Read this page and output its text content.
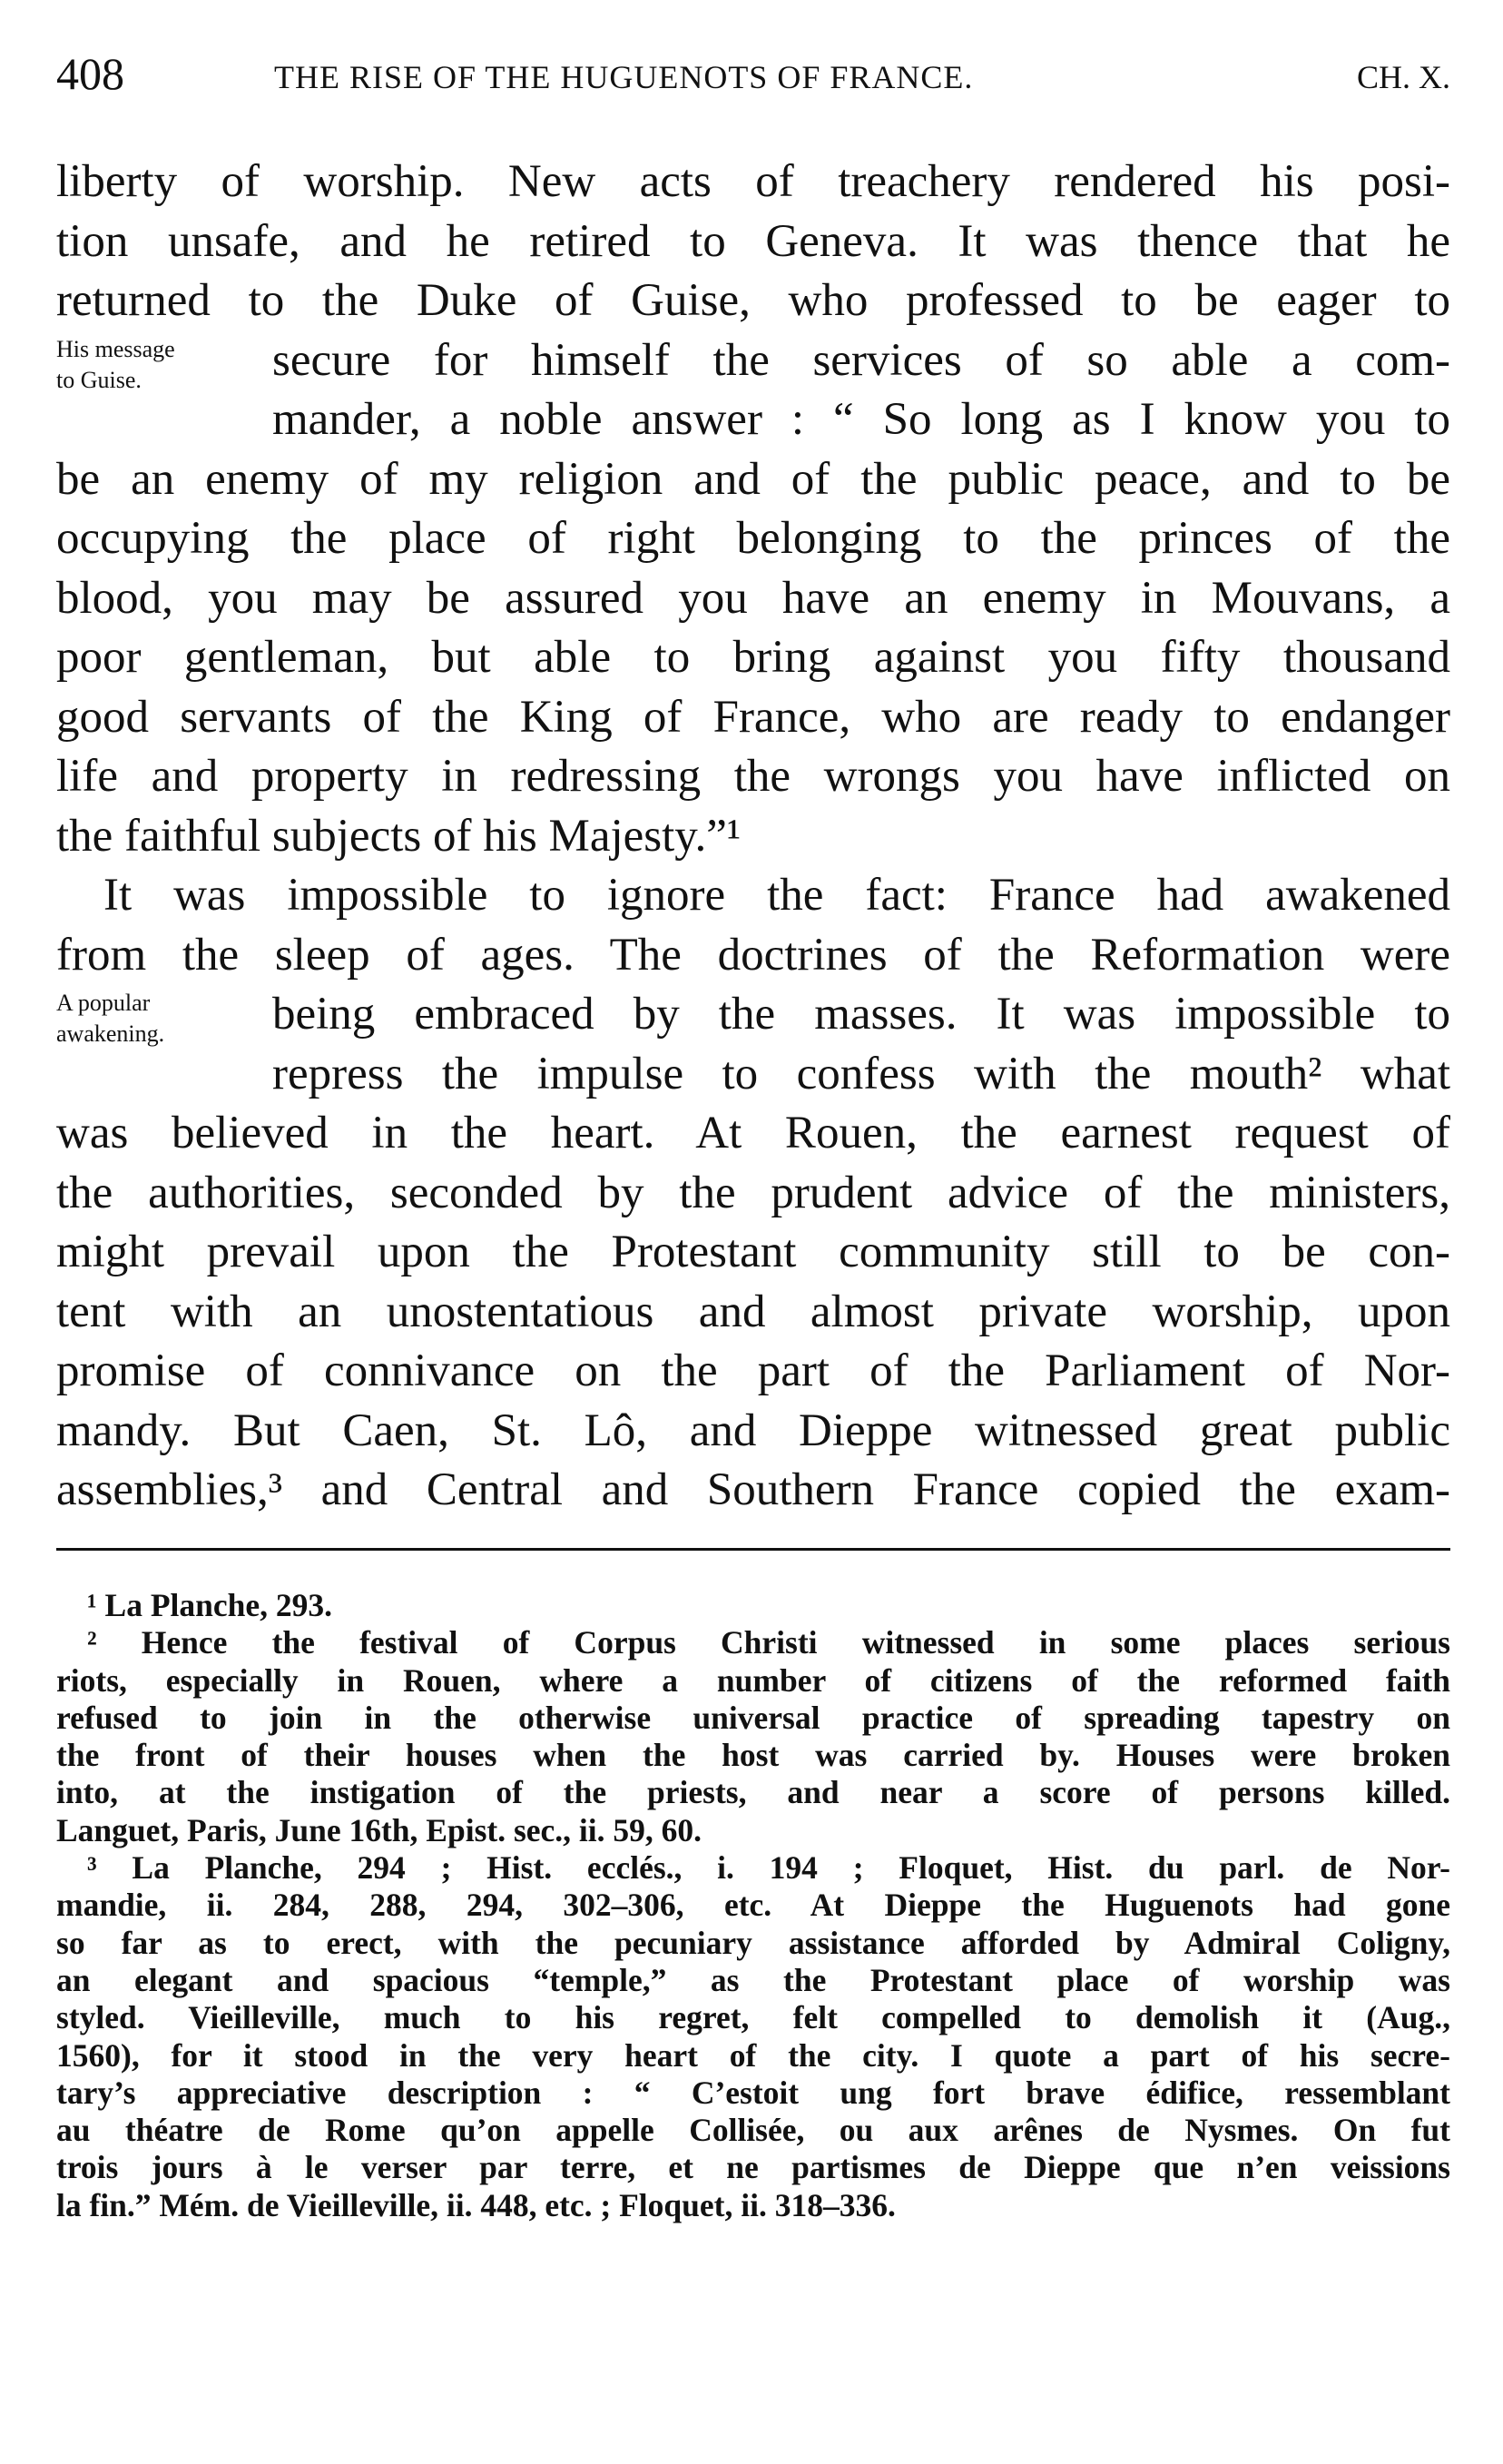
408	THE RISE OF THE HUGUENOTS OF FRANCE.	CH. X.
His message
to Guise.
A popular
awakening.
liberty of worship. New acts of treachery rendered his posi-
tion unsafe, and he retired to Geneva. It was thence that he
returned to the Duke of Guise, who professed to be eager to
secure for himself the services of so able a com-
mander, a noble answer : “ So long as I know you to
be an enemy of my religion and of the public peace, and to be
occupying the place of right belonging to the princes of the
blood, you may be assured you have an enemy in Mouvans, a
poor gentleman, but able to bring against you fifty thousand
good servants of the King of France, who are ready to endanger
life and property in redressing the wrongs you have inflicted on
the faithful subjects of his Majesty.”¹
It was impossible to ignore the fact: France had awakened
from the sleep of ages. The doctrines of the Reformation were
being embraced by the masses. It was impossible to
repress the impulse to confess with the mouth² what
was believed in the heart. At Rouen, the earnest request of
the authorities, seconded by the prudent advice of the ministers,
might prevail upon the Protestant community still to be con-
tent with an unostentatious and almost private worship, upon
promise of connivance on the part of the Parliament of Nor-
mandy. But Caen, St. Lô, and Dieppe witnessed great public
assemblies,³ and Central and Southern France copied the exam-
¹ La Planche, 293.
² Hence the festival of Corpus Christi witnessed in some places serious
riots, especially in Rouen, where a number of citizens of the reformed faith
refused to join in the otherwise universal practice of spreading tapestry on
the front of their houses when the host was carried by. Houses were broken
into, at the instigation of the priests, and near a score of persons killed.
Languet, Paris, June 16th, Epist. sec., ii. 59, 60.
³ La Planche, 294 ; Hist. ecclés., i. 194 ; Floquet, Hist. du parl. de Nor-
mandie, ii. 284, 288, 294, 302–306, etc. At Dieppe the Huguenots had gone
so far as to erect, with the pecuniary assistance afforded by Admiral Coligny,
an elegant and spacious “temple,” as the Protestant place of worship was
styled. Vieilleville, much to his regret, felt compelled to demolish it (Aug.,
1560), for it stood in the very heart of the city. I quote a part of his secre-
tary’s appreciative description : “ C’estoit ung fort brave édifice, ressemblant
au théatre de Rome qu’on appelle Collisée, ou aux arênes de Nysmes. On fut
trois jours à le verser par terre, et ne partismes de Dieppe que n’en veissions
la fin.” Mém. de Vieilleville, ii. 448, etc. ; Floquet, ii. 318–336.
